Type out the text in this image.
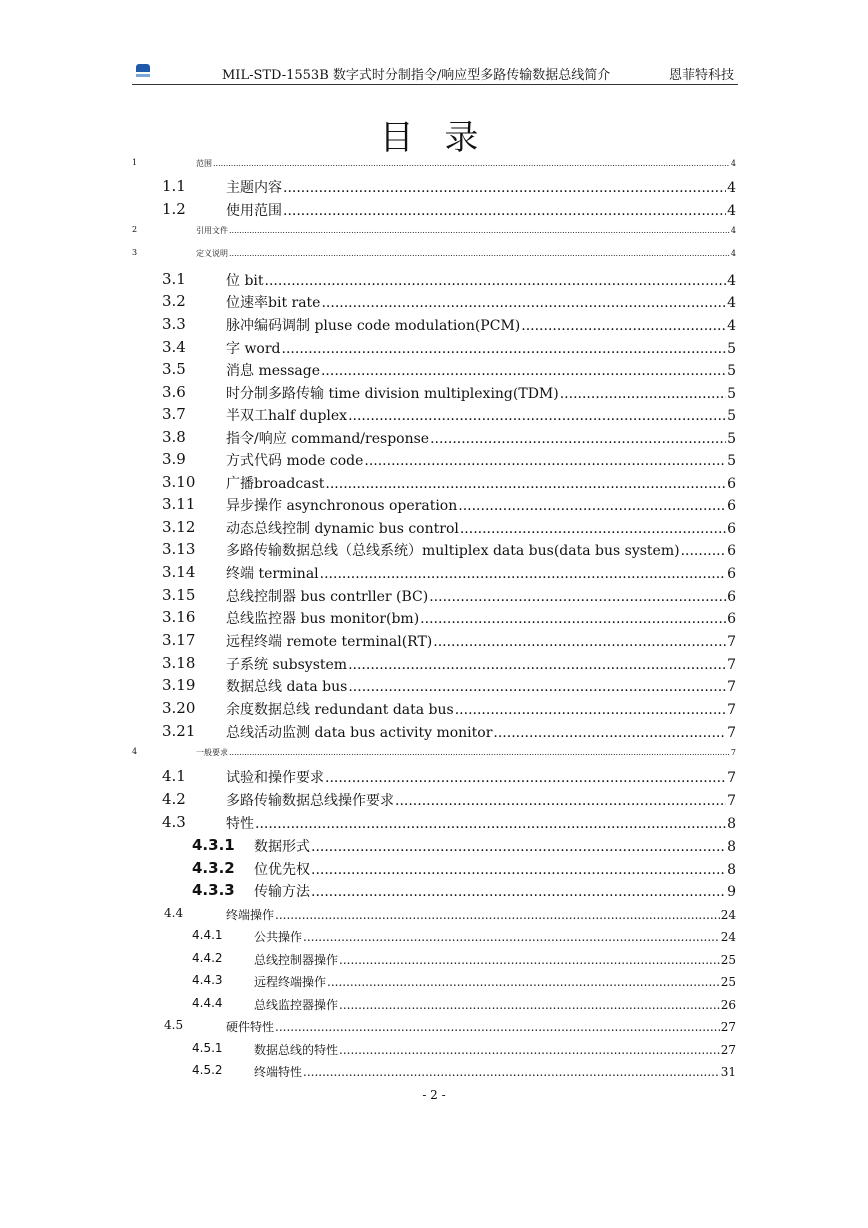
MIL-STD-1553B 数字式时分制指令/响应型多路传输数据总线简介	恩菲特科技
目 录
1	范围 .....	4
1.1	主题内容 .....	4
1.2	使用范围 .....	4
2	引用文件 .....	4
3	定义说明 .....	4
3.1	位 bit .....	4
3.2	位速率bit rate .....	4
3.3	脉冲编码调制 pluse code modulation(PCM) .....	4
3.4	字 word .....	5
3.5	消息 message .....	5
3.6	时分制多路传输 time division multiplexing(TDM) .....	5
3.7	半双工half duplex .....	5
3.8	指令/响应 command/response .....	5
3.9	方式代码 mode code .....	5
3.10 广播broadcast .....	6
3.11 异步操作 asynchronous operation .....	6
3.12 动态总线控制 dynamic bus control .....	6
3.13 多路传输数据总线（总线系统）multiplex data bus(data bus system) .....	6
3.14 终端 terminal .....	6
3.15 总线控制器 bus contrller (BC) .....	6
3.16 总线监控器 bus monitor(bm) .....	6
3.17 远程终端 remote terminal(RT) .....	7
3.18 子系统 subsystem .....	7
3.19 数据总线 data bus .....	7
3.20 余度数据总线 redundant data bus .....	7
3.21 总线活动监测 data bus activity monitor .....	7
4	一般要求 .....	7
4.1	试验和操作要求 .....	7
4.2	多路传输数据总线操作要求 .....	7
4.3	特性 .....	8
4.3.1 数据形式 .....	8
4.3.2 位优先权 .....	8
4.3.3 传输方法 .....	9
4.4	终端操作 .....	24
4.4.1	公共操作 .....	24
4.4.2	总线控制器操作 .....	25
4.4.3	远程终端操作 .....	25
4.4.4	总线监控器操作 .....	26
4.5	硬件特性 .....	27
4.5.1	数据总线的特性 .....	27
4.5.2	终端特性 .....	31
- 2 -
